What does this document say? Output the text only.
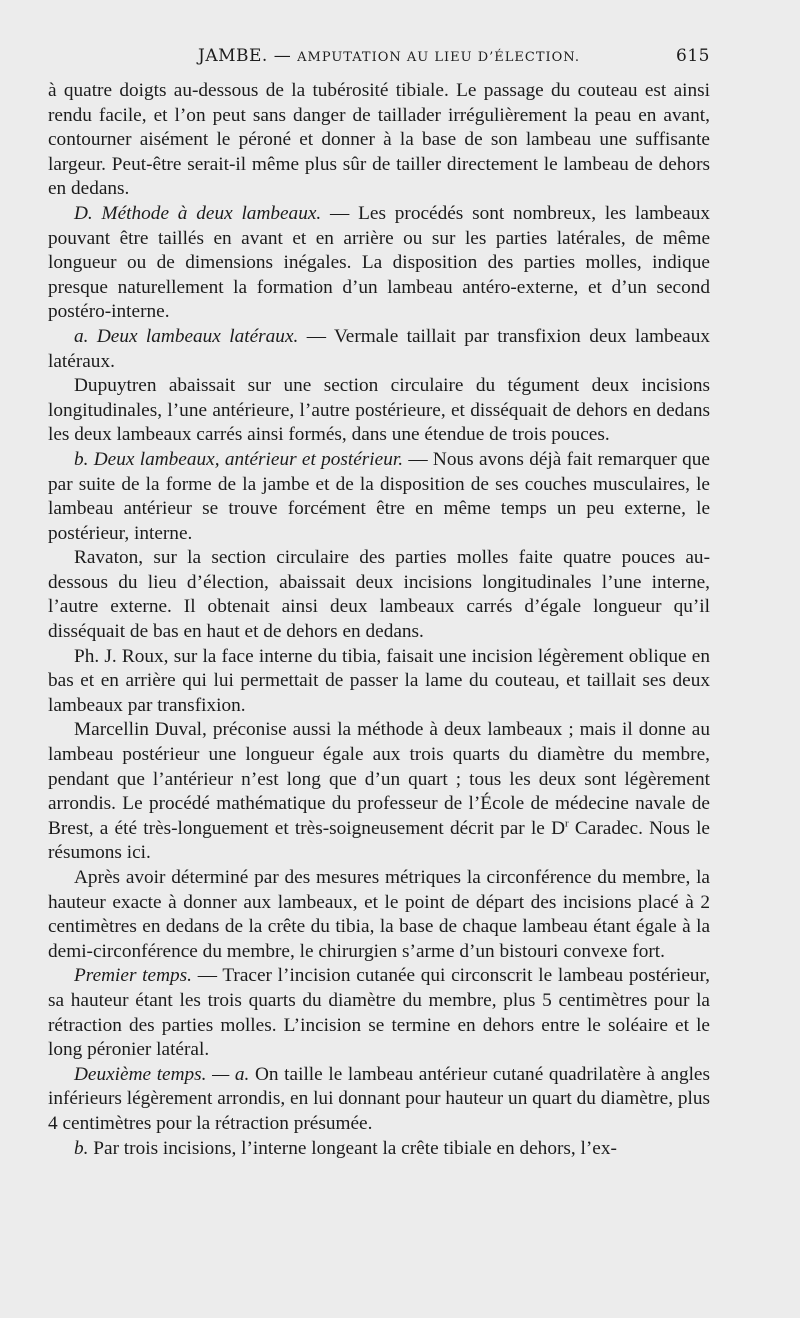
JAMBE. — AMPUTATION AU LIEU D’ÉLECTION.	615

à quatre doigts au-dessous de la tubérosité tibiale. Le passage du couteau est ainsi rendu facile, et l’on peut sans danger de taillader irrégulièrement la peau en avant, contourner aisément le péroné et donner à la base de son lambeau une suffisante largeur. Peut-être serait-il même plus sûr de tailler directement le lambeau de dehors en dedans.

D. Méthode à deux lambeaux. — Les procédés sont nombreux, les lambeaux pouvant être taillés en avant et en arrière ou sur les parties latérales, de même longueur ou de dimensions inégales. La disposition des parties molles, indique presque naturellement la formation d’un lambeau antéro-externe, et d’un second postéro-interne.

a. Deux lambeaux latéraux. — Vermale taillait par transfixion deux lambeaux latéraux.

Dupuytren abaissait sur une section circulaire du tégument deux incisions longitudinales, l’une antérieure, l’autre postérieure, et disséquait de dehors en dedans les deux lambeaux carrés ainsi formés, dans une étendue de trois pouces.

b. Deux lambeaux, antérieur et postérieur. — Nous avons déjà fait remarquer que par suite de la forme de la jambe et de la disposition de ses couches musculaires, le lambeau antérieur se trouve forcément être en même temps un peu externe, le postérieur, interne.

Ravaton, sur la section circulaire des parties molles faite quatre pouces au-dessous du lieu d’élection, abaissait deux incisions longitudinales l’une interne, l’autre externe. Il obtenait ainsi deux lambeaux carrés d’égale longueur qu’il disséquait de bas en haut et de dehors en dedans.

Ph. J. Roux, sur la face interne du tibia, faisait une incision légèrement oblique en bas et en arrière qui lui permettait de passer la lame du couteau, et taillait ses deux lambeaux par transfixion.

Marcellin Duval, préconise aussi la méthode à deux lambeaux ; mais il donne au lambeau postérieur une longueur égale aux trois quarts du diamètre du membre, pendant que l’antérieur n’est long que d’un quart ; tous les deux sont légèrement arrondis. Le procédé mathématique du professeur de l’École de médecine navale de Brest, a été très-longuement et très-soigneusement décrit par le $D^r$ Caradec. Nous le résumons ici.

Après avoir déterminé par des mesures métriques la circonférence du membre, la hauteur exacte à donner aux lambeaux, et le point de départ des incisions placé à 2 centimètres en dedans de la crête du tibia, la base de chaque lambeau étant égale à la demi-circonférence du membre, le chirurgien s’arme d’un bistouri convexe fort.

Premier temps. — Tracer l’incision cutanée qui circonscrit le lambeau postérieur, sa hauteur étant les trois quarts du diamètre du membre, plus 5 centimètres pour la rétraction des parties molles. L’incision se termine en dehors entre le soléaire et le long péronier latéral.

Deuxième temps. — a. On taille le lambeau antérieur cutané quadrilatère à angles inférieurs légèrement arrondis, en lui donnant pour hauteur un quart du diamètre, plus 4 centimètres pour la rétraction présumée.

b. Par trois incisions, l’interne longeant la crête tibiale en dehors, l’ex-
